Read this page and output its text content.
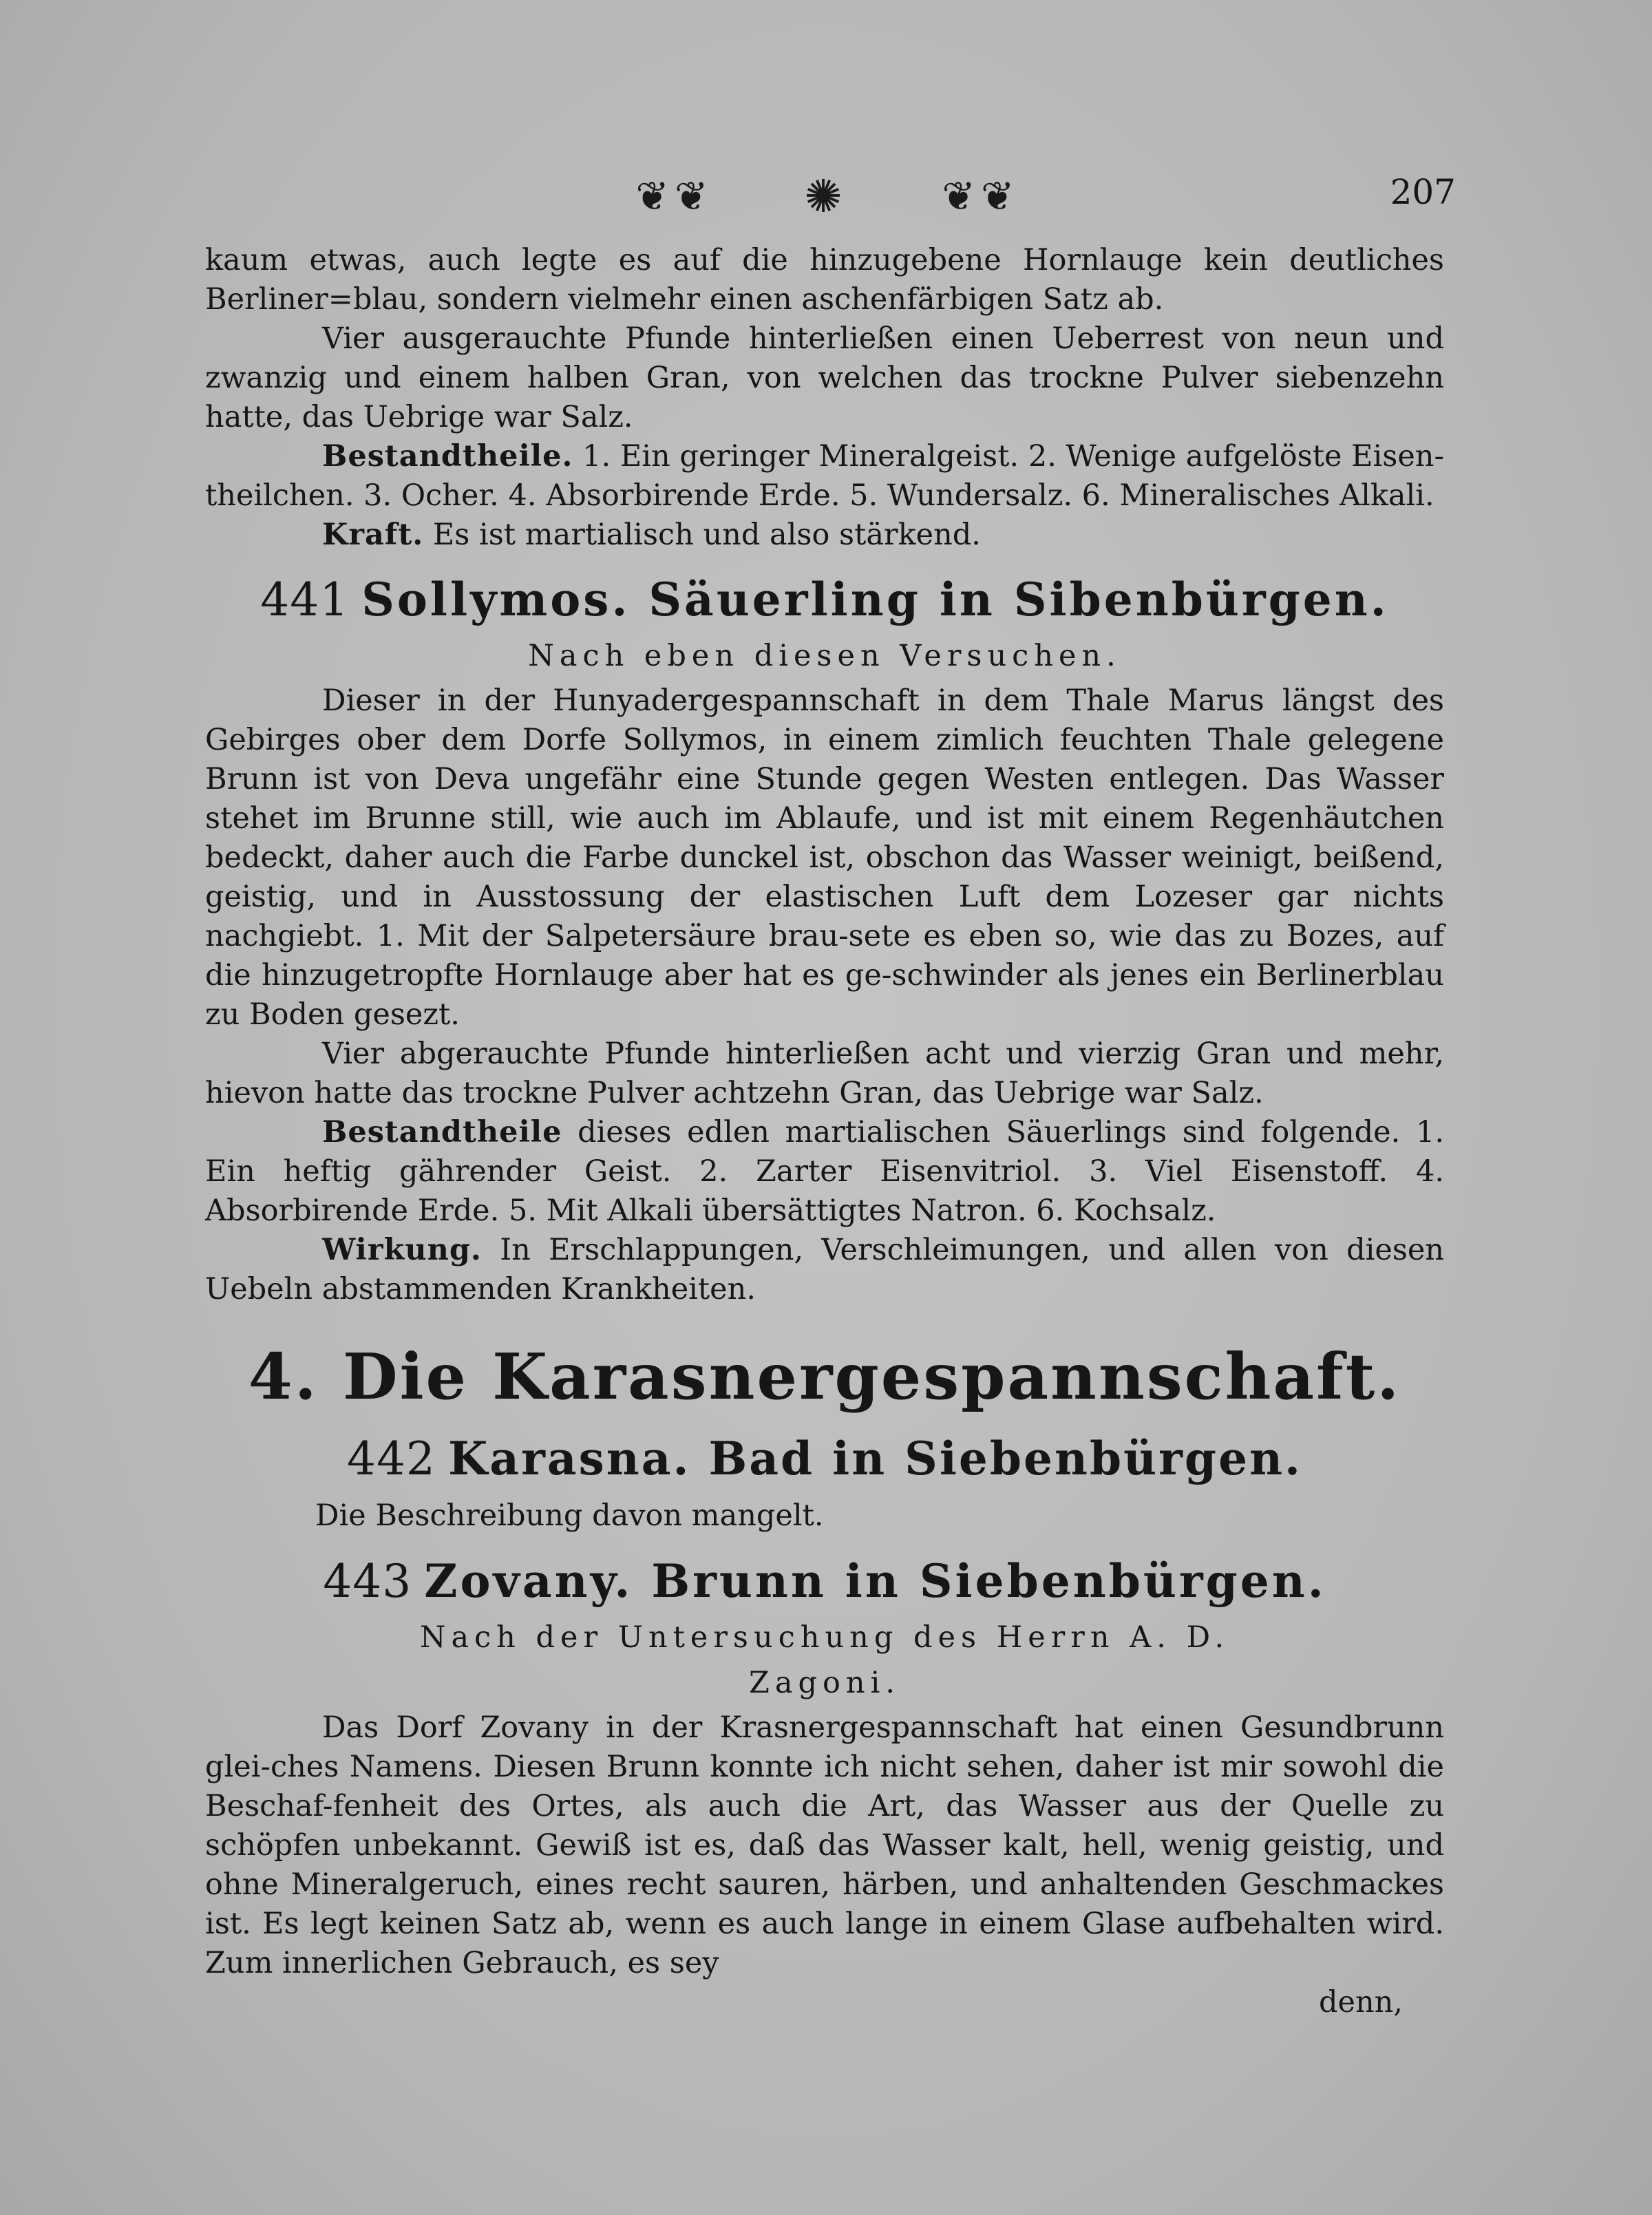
❦❦	✺	❦❦	207

kaum etwas, auch legte es auf die hinzugebene Hornlauge kein deutliches Berliner=blau, sondern vielmehr einen aschenfärbigen Satz ab.

Vier ausgerauchte Pfunde hinterließen einen Ueberrest von neun und zwanzig und einem halben Gran, von welchen das trockne Pulver siebenzehn hatte, das Uebrige war Salz.

Bestandtheile. 1. Ein geringer Mineralgeist. 2. Wenige aufgelöste Eisen-theilchen. 3. Ocher. 4. Absorbirende Erde. 5. Wundersalz. 6. Mineralisches Alkali.

Kraft. Es ist martialisch und also stärkend.

441 Sollymos. Säuerling in Sibenbürgen.
Nach eben diesen Versuchen.

Dieser in der Hunyadergespannschaft in dem Thale Marus längst des Gebirges ober dem Dorfe Sollymos, in einem zimlich feuchten Thale gelegene Brunn ist von Deva ungefähr eine Stunde gegen Westen entlegen. Das Wasser stehet im Brunne still, wie auch im Ablaufe, und ist mit einem Regenhäutchen bedeckt, daher auch die Farbe dunckel ist, obschon das Wasser weinigt, beißend, geistig, und in Ausstossung der elastischen Luft dem Lozeser gar nichts nachgiebt. 1. Mit der Salpetersäure brau-sete es eben so, wie das zu Bozes, auf die hinzugetropfte Hornlauge aber hat es ge-schwinder als jenes ein Berlinerblau zu Boden gesezt.

Vier abgerauchte Pfunde hinterließen acht und vierzig Gran und mehr, hievon hatte das trockne Pulver achtzehn Gran, das Uebrige war Salz.

Bestandtheile dieses edlen martialischen Säuerlings sind folgende. 1. Ein heftig gährender Geist. 2. Zarter Eisenvitriol. 3. Viel Eisenstoff. 4. Absorbirende Erde. 5. Mit Alkali übersättigtes Natron. 6. Kochsalz.

Wirkung. In Erschlappungen, Verschleimungen, und allen von diesen Uebeln abstammenden Krankheiten.

4. Die Karasnergespannschaft.
442 Karasna. Bad in Siebenbürgen.

Die Beschreibung davon mangelt.

443 Zovany. Brunn in Siebenbürgen.
Nach der Untersuchung des Herrn A. D.
Zagoni.

Das Dorf Zovany in der Krasnergespannschaft hat einen Gesundbrunn glei-ches Namens. Diesen Brunn konnte ich nicht sehen, daher ist mir sowohl die Beschaf-fenheit des Ortes, als auch die Art, das Wasser aus der Quelle zu schöpfen unbekannt. Gewiß ist es, daß das Wasser kalt, hell, wenig geistig, und ohne Mineralgeruch, eines recht sauren, härben, und anhaltenden Geschmackes ist. Es legt keinen Satz ab, wenn es auch lange in einem Glase aufbehalten wird. Zum innerlichen Gebrauch, es sey

denn,
